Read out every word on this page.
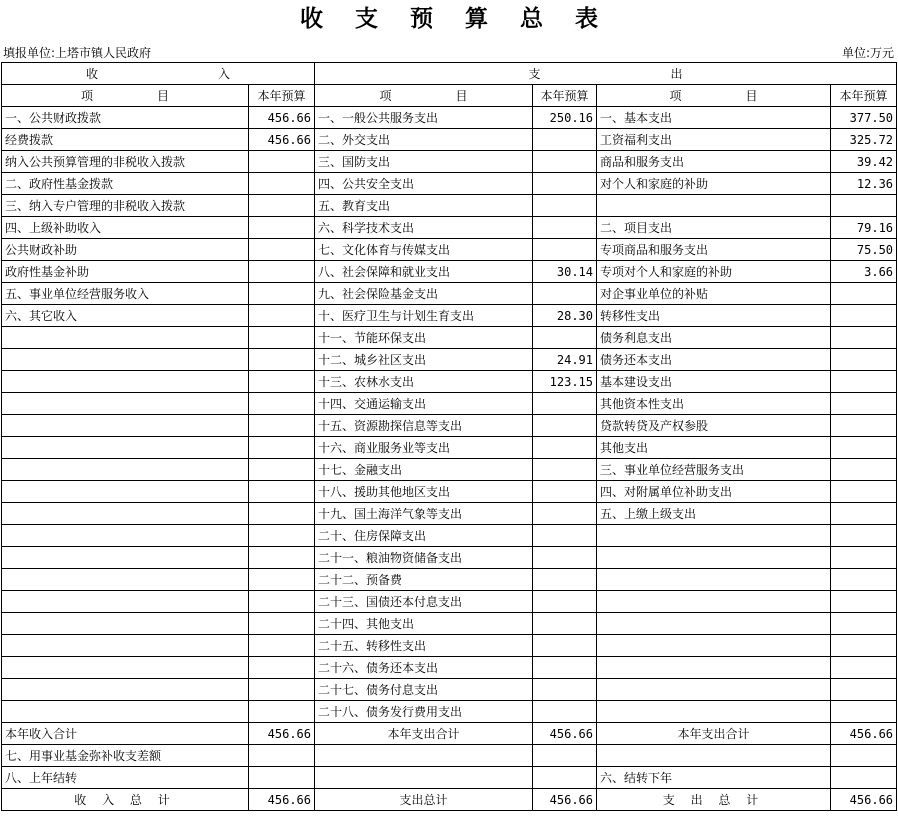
收 支 预 算 总 表
填报单位:上塔市镇人民政府	单位:万元
收 入		支 出			
项 目	本年预算	项 目	本年预算	项 目	本年预算
一、公共财政拨款	456.66	一、一般公共服务支出	250.16	一、基本支出	377.50
经费拨款	456.66	二、外交支出		工资福利支出	325.72
纳入公共预算管理的非税收入拨款		三、国防支出		商品和服务支出	39.42
二、政府性基金拨款		四、公共安全支出		对个人和家庭的补助	12.36
三、纳入专户管理的非税收入拨款		五、教育支出			
四、上级补助收入		六、科学技术支出		二、项目支出	79.16
公共财政补助		七、文化体育与传媒支出		专项商品和服务支出	75.50
政府性基金补助		八、社会保障和就业支出	30.14	专项对个人和家庭的补助	3.66
五、事业单位经营服务收入		九、社会保险基金支出		对企事业单位的补贴	
六、其它收入		十、医疗卫生与计划生育支出	28.30	转移性支出	
		十一、节能环保支出		债务利息支出	
		十二、城乡社区支出	24.91	债务还本支出	
		十三、农林水支出	123.15	基本建设支出	
		十四、交通运输支出		其他资本性支出	
		十五、资源勘探信息等支出		贷款转贷及产权参股	
		十六、商业服务业等支出		其他支出	
		十七、金融支出		三、事业单位经营服务支出	
		十八、援助其他地区支出		四、对附属单位补助支出	
		十九、国土海洋气象等支出		五、上缴上级支出	
		二十、住房保障支出			
		二十一、粮油物资储备支出			
		二十二、预备费			
		二十三、国债还本付息支出			
		二十四、其他支出			
		二十五、转移性支出			
		二十六、债务还本支出			
		二十七、债务付息支出			
		二十八、债务发行费用支出			
本年收入合计	456.66	本年支出合计	456.66	本年支出合计	456.66
七、用事业基金弥补收支差额					
八、上年结转				六、结转下年	
收 入 总 计	456.66	支出总计	456.66	支 出 总 计	456.66
